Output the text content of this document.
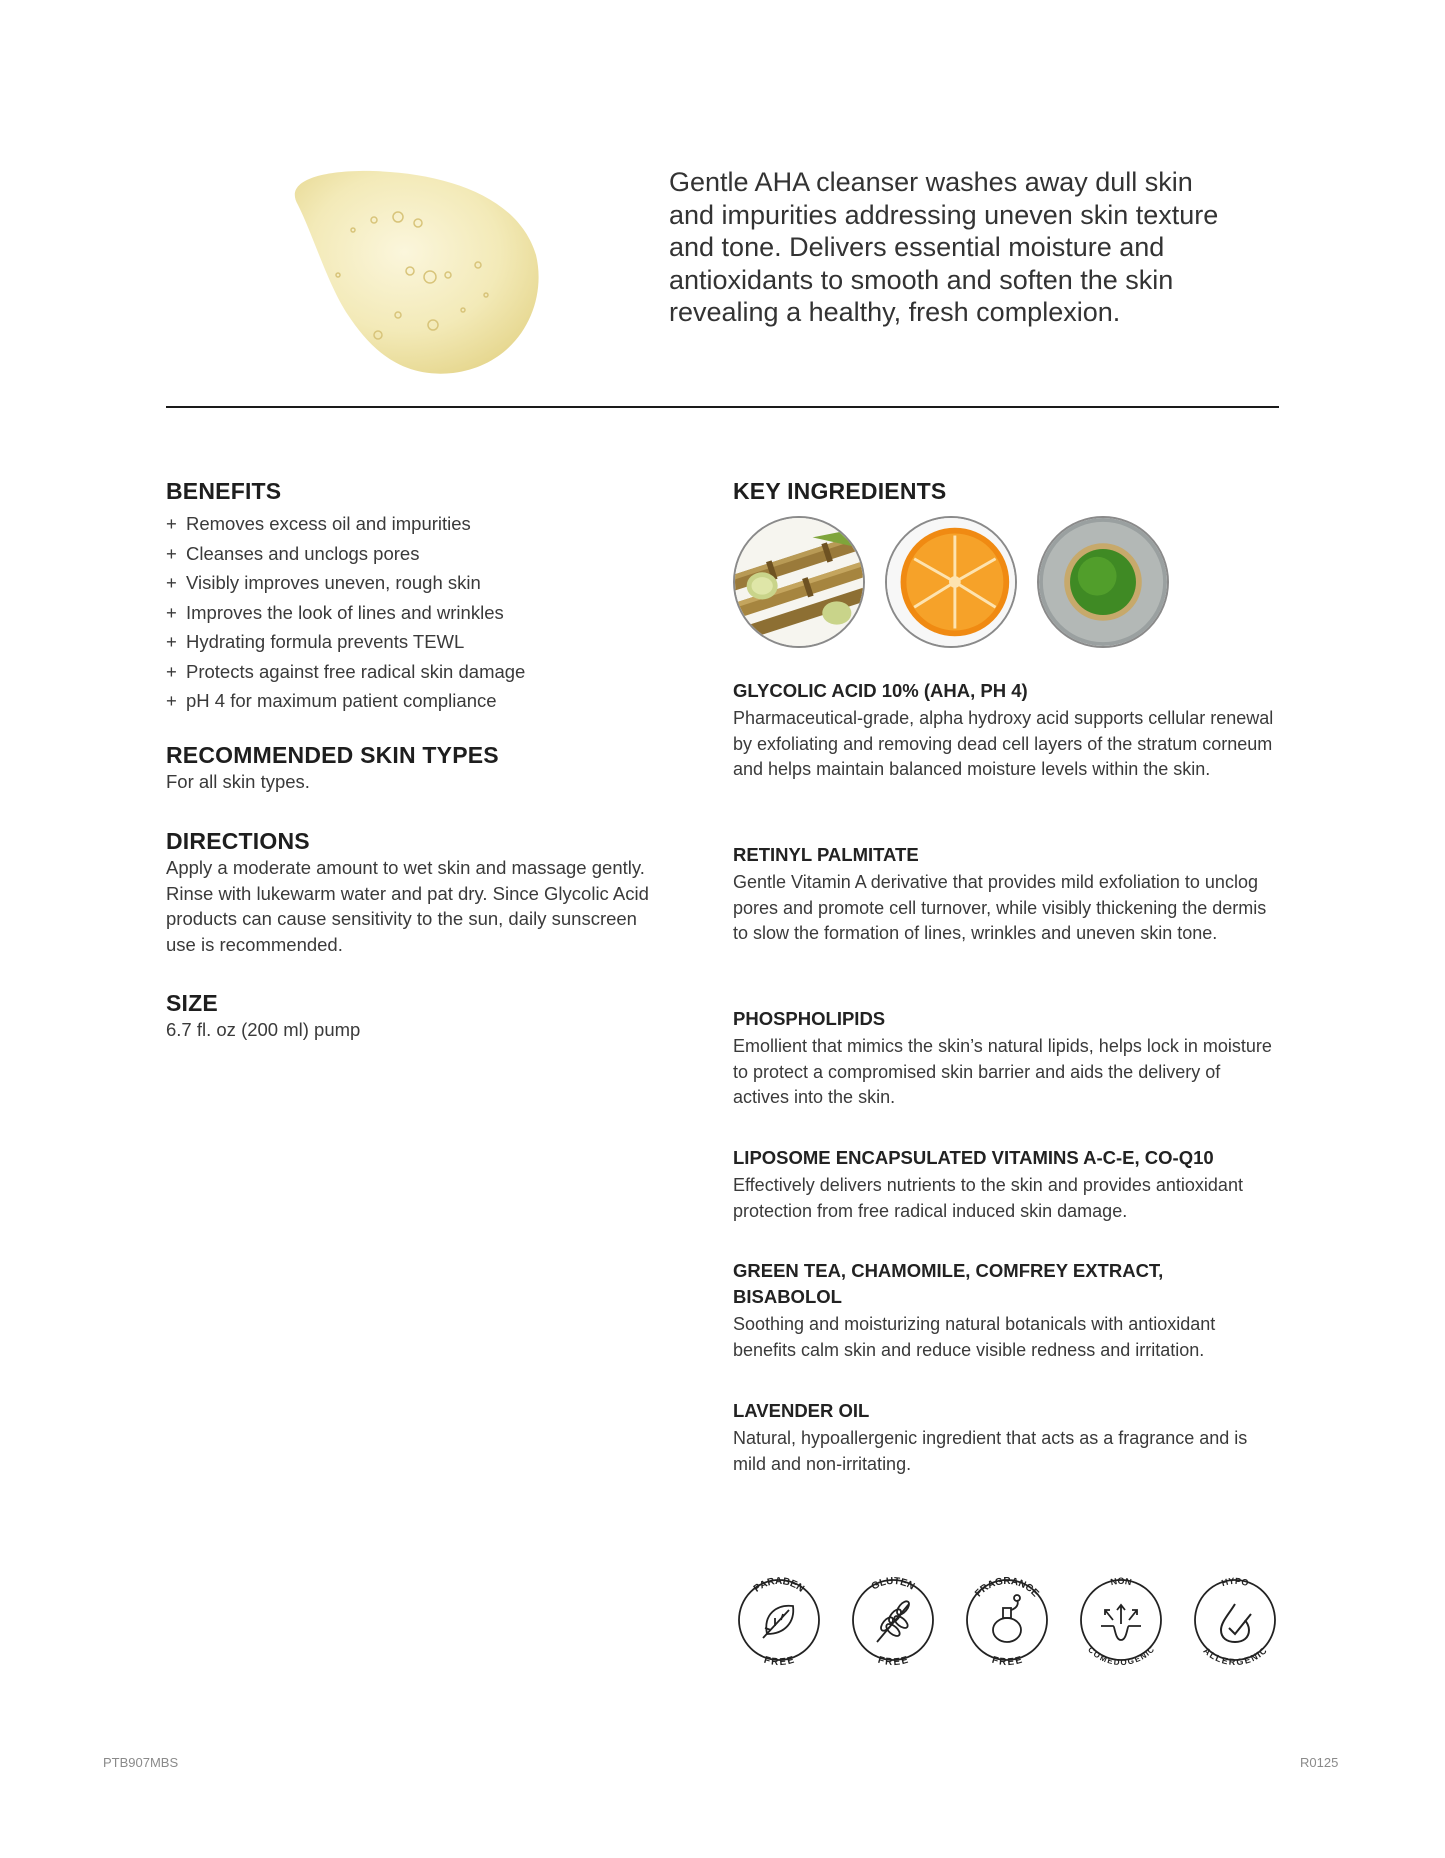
Gentle AHA cleanser washes away dull skin and impurities addressing uneven skin texture and tone. Delivers essential moisture and antioxidants to smooth and soften the skin revealing a healthy, fresh complexion.
BENEFITS
+ Removes excess oil and impurities
+ Cleanses and unclogs pores
+ Visibly improves uneven, rough skin
+ Improves the look of lines and wrinkles
+ Hydrating formula prevents TEWL
+ Protects against free radical skin damage
+ pH 4 for maximum patient compliance
RECOMMENDED SKIN TYPES

For all skin types.

DIRECTIONS

Apply a moderate amount to wet skin and massage gently. Rinse with lukewarm water and pat dry. Since Glycolic Acid products can cause sensitivity to the sun, daily sunscreen use is recommended.

SIZE

6.7 fl. oz (200 ml) pump

KEY INGREDIENTS

GLYCOLIC ACID 10% (AHA, PH 4)

Pharmaceutical-grade, alpha hydroxy acid supports cellular renewal by exfoliating and removing dead cell layers of the stratum corneum and helps maintain balanced moisture levels within the skin.

RETINYL PALMITATE

Gentle Vitamin A derivative that provides mild exfoliation to unclog pores and promote cell turnover, while visibly thickening the dermis to slow the formation of lines, wrinkles and uneven skin tone.

PHOSPHOLIPIDS

Emollient that mimics the skin’s natural lipids, helps lock in moisture to protect a compromised skin barrier and aids the delivery of actives into the skin.

LIPOSOME ENCAPSULATED VITAMINS A-C-E, CO-Q10

Effectively delivers nutrients to the skin and provides antioxidant protection from free radical induced skin damage.

GREEN TEA, CHAMOMILE, COMFREY EXTRACT, BISABOLOL

Soothing and moisturizing natural botanicals with antioxidant benefits calm skin and reduce visible redness and irritation.

LAVENDER OIL

Natural, hypoallergenic ingredient that acts as a fragrance and is mild and non-irritating.

PARABEN
FREE
GLUTEN
FREE
FRAGRANCE
FREE
NON
COMEDOGENIC
HYPO
ALLERGENIC
PTB907MBS	R0125
